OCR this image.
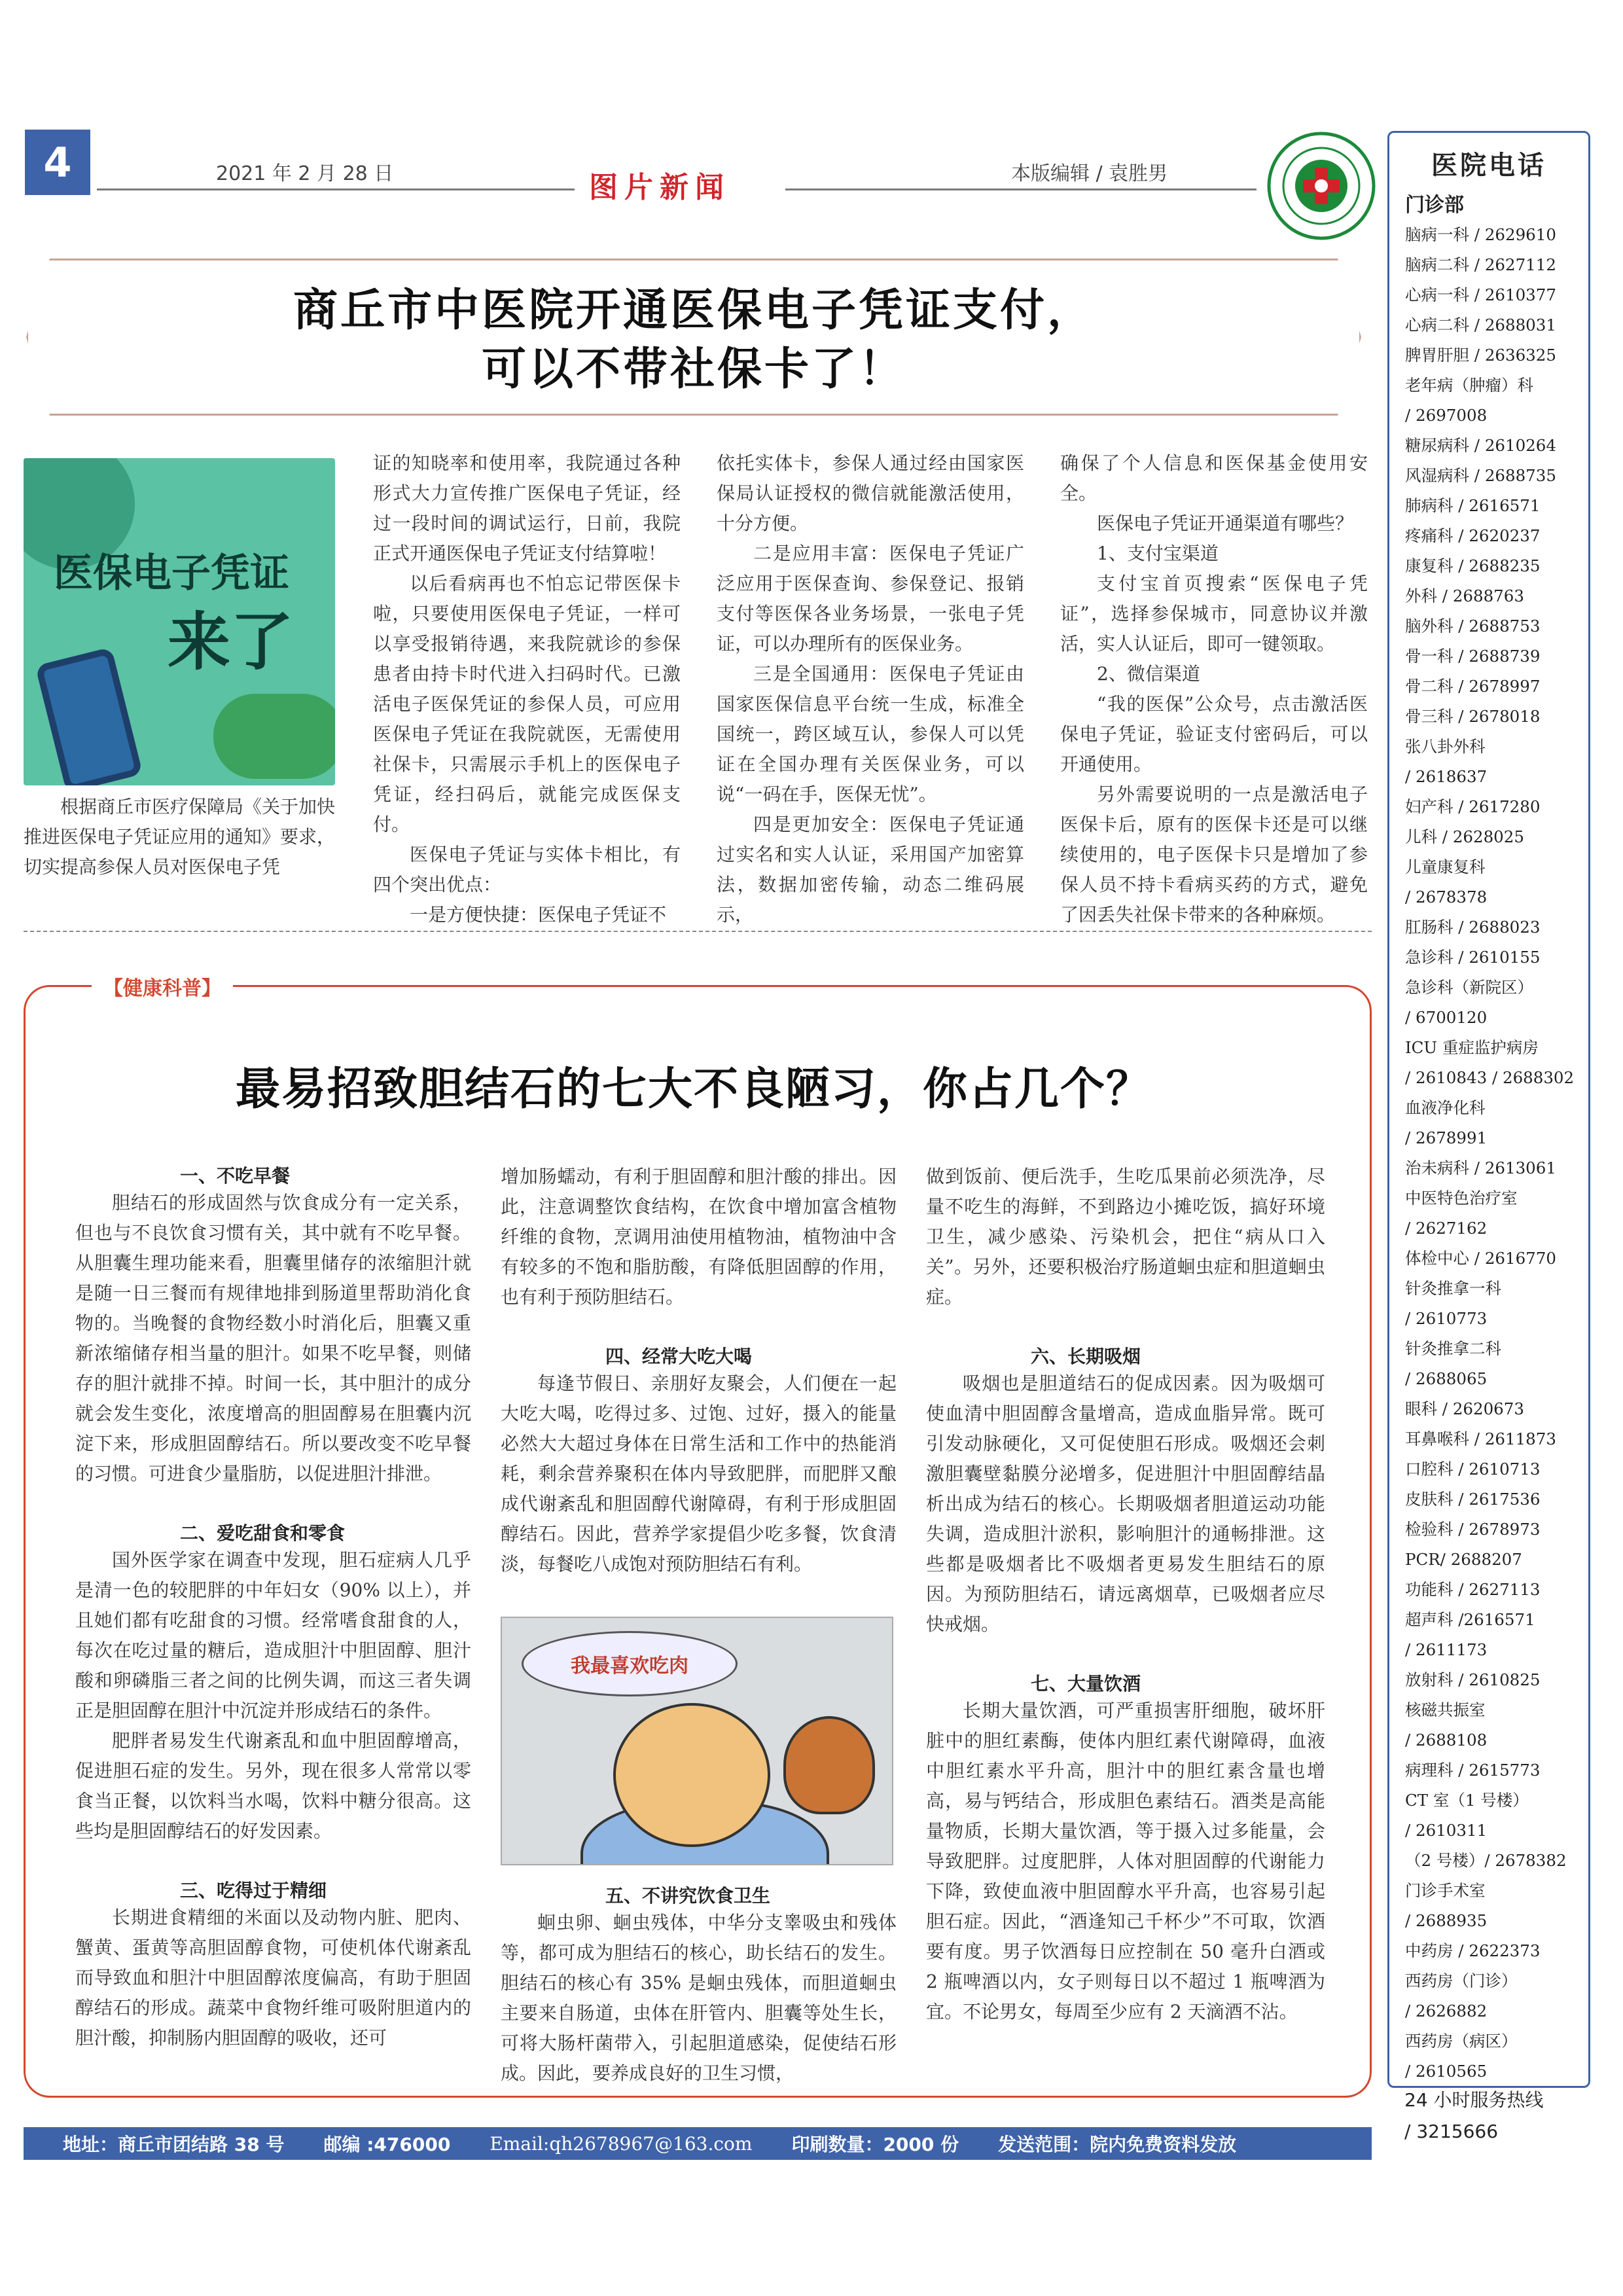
4	2021 年 2 月 28 日	图片新闻	本版编辑 / 袁胜男	医院电话
门诊部
脑病一科 / 2629610
脑病二科 / 2627112
心病一科 / 2610377
心病二科 / 2688031
脾胃肝胆 / 2636325
老年病（肿瘤）科
/ 2697008
糖尿病科 / 2610264
风湿病科 / 2688735
肺病科 / 2616571
疼痛科 / 2620237
康复科 / 2688235
外科 / 2688763
脑外科 / 2688753
骨一科 / 2688739
骨二科 / 2678997
骨三科 / 2678018
张八卦外科
/ 2618637
妇产科 / 2617280
儿科 / 2628025
儿童康复科
/ 2678378
肛肠科 / 2688023
急诊科 / 2610155
急诊科（新院区）
/ 6700120
ICU 重症监护病房
/ 2610843 / 2688302
血液净化科
/ 2678991
治未病科 / 2613061
中医特色治疗室
/ 2627162
体检中心 / 2616770
针灸推拿一科
/ 2610773
针灸推拿二科
/ 2688065
眼科 / 2620673
耳鼻喉科 / 2611873
口腔科 / 2610713
皮肤科 / 2617536
检验科 / 2678973
PCR/ 2688207
功能科 / 2627113
超声科 /2616571
/ 2611173
放射科 / 2610825
核磁共振室
/ 2688108
病理科 / 2615773
CT 室（1 号楼）
/ 2610311
（2 号楼）/ 2678382
门诊手术室
/ 2688935
中药房 / 2622373
西药房（门诊）
/ 2626882
西药房（病区）
/ 2610565
24 小时服务热线
/ 3215666
商丘市中医院开通医保电子凭证支付，
可以不带社保卡了！
医保电子凭证
来了

根据商丘市医疗保障局《关于加快推进医保电子凭证应用的通知》要求，切实提高参保人员对医保电子凭

证的知晓率和使用率，我院通过各种形式大力宣传推广医保电子凭证，经过一段时间的调试运行，日前，我院正式开通医保电子凭证支付结算啦！

以后看病再也不怕忘记带医保卡啦，只要使用医保电子凭证，一样可以享受报销待遇，来我院就诊的参保患者由持卡时代进入扫码时代。已激活电子医保凭证的参保人员，可应用医保电子凭证在我院就医，无需使用社保卡，只需展示手机上的医保电子凭证，经扫码后，就能完成医保支付。

医保电子凭证与实体卡相比，有四个突出优点：

一是方便快捷：医保电子凭证不

依托实体卡，参保人通过经由国家医保局认证授权的微信就能激活使用，十分方便。

二是应用丰富：医保电子凭证广泛应用于医保查询、参保登记、报销支付等医保各业务场景，一张电子凭证，可以办理所有的医保业务。

三是全国通用：医保电子凭证由国家医保信息平台统一生成，标准全国统一，跨区域互认，参保人可以凭证在全国办理有关医保业务，可以说“一码在手，医保无忧”。

四是更加安全：医保电子凭证通过实名和实人认证，采用国产加密算法，数据加密传输，动态二维码展示，

确保了个人信息和医保基金使用安全。

医保电子凭证开通渠道有哪些？

1、支付宝渠道

支付宝首页搜索“医保电子凭证”，选择参保城市，同意协议并激活，实人认证后，即可一键领取。

2、微信渠道

“我的医保”公众号，点击激活医保电子凭证，验证支付密码后，可以开通使用。

另外需要说明的一点是激活电子医保卡后，原有的医保卡还是可以继续使用的，电子医保卡只是增加了参保人员不持卡看病买药的方式，避免了因丢失社保卡带来的各种麻烦。

【健康科普】
最易招致胆结石的七大不良陋习，你占几个？
一、不吃早餐

胆结石的形成固然与饮食成分有一定关系，但也与不良饮食习惯有关，其中就有不吃早餐。从胆囊生理功能来看，胆囊里储存的浓缩胆汁就是随一日三餐而有规律地排到肠道里帮助消化食物的。当晚餐的食物经数小时消化后，胆囊又重新浓缩储存相当量的胆汁。如果不吃早餐，则储存的胆汁就排不掉。时间一长，其中胆汁的成分就会发生变化，浓度增高的胆固醇易在胆囊内沉淀下来，形成胆固醇结石。所以要改变不吃早餐的习惯。可进食少量脂肪，以促进胆汁排泄。

二、爱吃甜食和零食

国外医学家在调查中发现，胆石症病人几乎是清一色的较肥胖的中年妇女（90% 以上），并且她们都有吃甜食的习惯。经常嗜食甜食的人，每次在吃过量的糖后，造成胆汁中胆固醇、胆汁酸和卵磷脂三者之间的比例失调，而这三者失调正是胆固醇在胆汁中沉淀并形成结石的条件。

肥胖者易发生代谢紊乱和血中胆固醇增高，促进胆石症的发生。另外，现在很多人常常以零食当正餐，以饮料当水喝，饮料中糖分很高。这些均是胆固醇结石的好发因素。

三、吃得过于精细

长期进食精细的米面以及动物内脏、肥肉、蟹黄、蛋黄等高胆固醇食物，可使机体代谢紊乱而导致血和胆汁中胆固醇浓度偏高，有助于胆固醇结石的形成。蔬菜中食物纤维可吸附胆道内的胆汁酸，抑制肠内胆固醇的吸收，还可

增加肠蠕动，有利于胆固醇和胆汁酸的排出。因此，注意调整饮食结构，在饮食中增加富含植物纤维的食物，烹调用油使用植物油，植物油中含有较多的不饱和脂肪酸，有降低胆固醇的作用，也有利于预防胆结石。

四、经常大吃大喝

每逢节假日、亲朋好友聚会，人们便在一起大吃大喝，吃得过多、过饱、过好，摄入的能量必然大大超过身体在日常生活和工作中的热能消耗，剩余营养聚积在体内导致肥胖，而肥胖又酿成代谢紊乱和胆固醇代谢障碍，有利于形成胆固醇结石。因此，营养学家提倡少吃多餐，饮食清淡，每餐吃八成饱对预防胆结石有利。

我最喜欢吃肉
五、不讲究饮食卫生

蛔虫卵、蛔虫残体，中华分支睾吸虫和残体等，都可成为胆结石的核心，助长结石的发生。胆结石的核心有 35% 是蛔虫残体，而胆道蛔虫主要来自肠道，虫体在肝管内、胆囊等处生长，可将大肠杆菌带入，引起胆道感染，促使结石形成。因此，要养成良好的卫生习惯，

做到饭前、便后洗手，生吃瓜果前必须洗净，尽量不吃生的海鲜，不到路边小摊吃饭，搞好环境卫生，减少感染、污染机会，把住“病从口入关”。另外，还要积极治疗肠道蛔虫症和胆道蛔虫症。

六、长期吸烟

吸烟也是胆道结石的促成因素。因为吸烟可使血清中胆固醇含量增高，造成血脂异常。既可引发动脉硬化，又可促使胆石形成。吸烟还会刺激胆囊壁黏膜分泌增多，促进胆汁中胆固醇结晶析出成为结石的核心。长期吸烟者胆道运动功能失调，造成胆汁淤积，影响胆汁的通畅排泄。这些都是吸烟者比不吸烟者更易发生胆结石的原因。为预防胆结石，请远离烟草，已吸烟者应尽快戒烟。

七、大量饮酒

长期大量饮酒，可严重损害肝细胞，破坏肝脏中的胆红素酶，使体内胆红素代谢障碍，血液中胆红素水平升高，胆汁中的胆红素含量也增高，易与钙结合，形成胆色素结石。酒类是高能量物质，长期大量饮酒，等于摄入过多能量，会导致肥胖。过度肥胖，人体对胆固醇的代谢能力下降，致使血液中胆固醇水平升高，也容易引起胆石症。因此，“酒逢知己千杯少”不可取，饮酒要有度。男子饮酒每日应控制在 50 毫升白酒或 2 瓶啤酒以内，女子则每日以不超过 1 瓶啤酒为宜。不论男女，每周至少应有 2 天滴酒不沾。

地址：商丘市团结路 38 号 邮编 :476000 Email:qh2678967@163.com 印刷数量：2000 份 发送范围：院内免费资料发放
